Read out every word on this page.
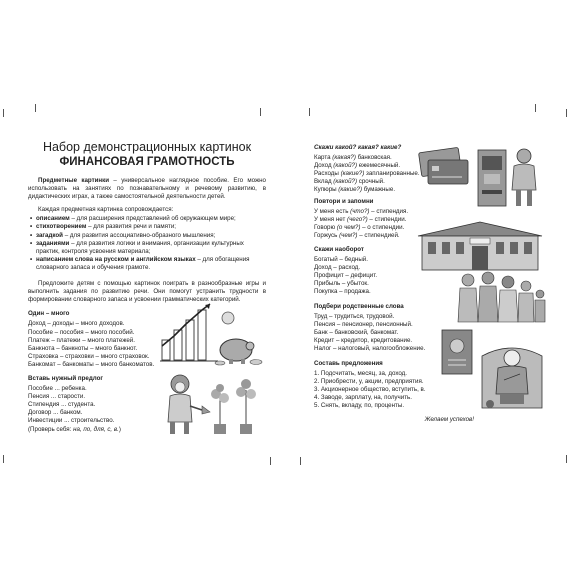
Набор демонстрационных картинок
ФИНАНСОВАЯ ГРАМОТНОСТЬ

Предметные картинки – универсальное наглядное пособие. Его можно использовать на занятиях по познавательному и речевому развитию, в дидактических играх, а также самостоятельной деятельности детей.

Каждая предметная картинка сопровождается:

• описанием – для расширения представлений об окружающем мире;
• стихотворением – для развития речи и памяти;
• загадкой – для развития ассоциативно-образного мышления;
• заданиями – для развития логики и внимания, организации культурных практик, контроля усвоения материала;
• написанием слова на русском и английском языках – для обогащения словарного запаса и обучения грамоте.

Предложите детям с помощью картинок поиграть в разнообразные игры и выполнить задания по развитию речи. Они помогут устранить трудности в формировании словарного запаса и усвоении грамматических категорий.

Один – много
Доход – доходы – много доходов.
Пособие – пособия – много пособий.
Платеж – платежи – много платежей.
Банкнота – банкноты – много банкнот.
Страховка – страховки – много страховок.
Банкомат – банкоматы – много банкоматов.
Вставь нужный предлог
Пособие ... ребенка.
Пенсия ... старости.
Стипендия ... студента.
Договор ... банком.
Инвестиции ... строительство.
(Проверь себя: на, по, для, с, в.)
Скажи какой? какая? какие?
Карта (какая?) банковская.
Доход (какой?) ежемесячный.
Расходы (какие?) запланированные.
Вклад (какой?) срочный.
Купюры (какие?) бумажные.
Повтори и запомни
У меня есть (что?) – стипендия.
У меня нет (чего?) – стипендии.
Говорю (о чем?) – о стипендии.
Горжусь (чем?) – стипендией.
Скажи наоборот
Богатый – бедный.
Доход – расход.
Профицит – дефицит.
Прибыль – убыток.
Покупка – продажа.
Подбери родственные слова
Труд – трудиться, трудовой.
Пенсия – пенсионер, пенсионный.
Банк – банковский, банкомат.
Кредит – кредитор, кредитование.
Налог – налоговый, налогообложение.
Составь предложения
1. Подсчитать, месяц, за, доход.
2. Приобрести, у, акции, предприятия.
3. Акционерное общество, вступить, в.
4. Заводе, зарплату, на, получить.
5. Снять, вкладу, по, проценты.
Желаем успехов!
